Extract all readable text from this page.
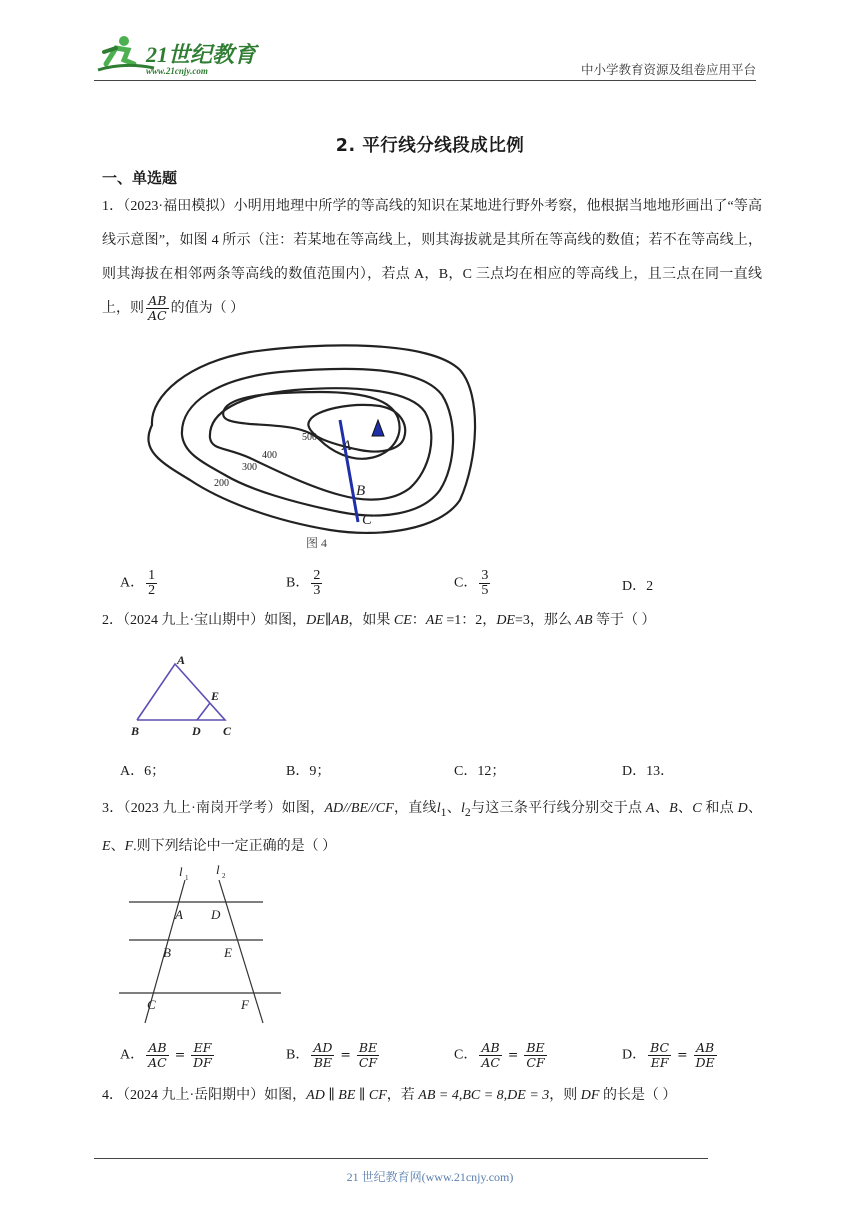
21世纪教育
www.21cnjy.com	中小学教育资源及组卷应用平台
2. 平行线分线段成比例
一、单选题
1．（2023·福田模拟）小明用地理中所学的等高线的知识在某地进行野外考察，他根据当地地形画出了“等高线示意图”，如图 4 所示（注：若某地在等高线上，则其海拔就是其所在等高线的数值；若不在等高线上，则其海拔在相邻两条等高线的数值范围内），若点 A，B，C 三点均在相应的等高线上，且三点在同一直线上，则 $\frac{AB}{AC}$ 的值为（ ）
500
400
300
200
A
B
C
图 4
A． $\frac{1}{2}$	B． $\frac{2}{3}$	C． $\frac{3}{5}$	D．2
2．（2024 九上·宝山期中）如图，DE∥AB，如果 CE：AE =1：2，DE=3，那么 AB 等于（ ）
A
E
B	D C
A．6；	B．9；	C．12；	D．13．
3．（2023 九上·南岗开学考）如图，AD//BE//CF，直线$l_1$、$l_2$与这三条平行线分别交于点 A、B、C 和点 D、E、F.则下列结论中一定正确的是（ ）
l 1
l 2
A D
B	E
C	F
A． $\frac{AB}{AC} = \frac{EF}{DF}$	B． $\frac{AD}{BE} = \frac{BE}{CF}$	C． $\frac{AB}{AC} = \frac{BE}{CF}$	D． $\frac{BC}{EF} = \frac{AB}{DE}$
4．（2024 九上·岳阳期中）如图，AD ∥ BE ∥ CF，若 AB = 4,BC = 8,DE = 3，则 DF 的长是（ ）
21 世纪教育网(www.21cnjy.com)
